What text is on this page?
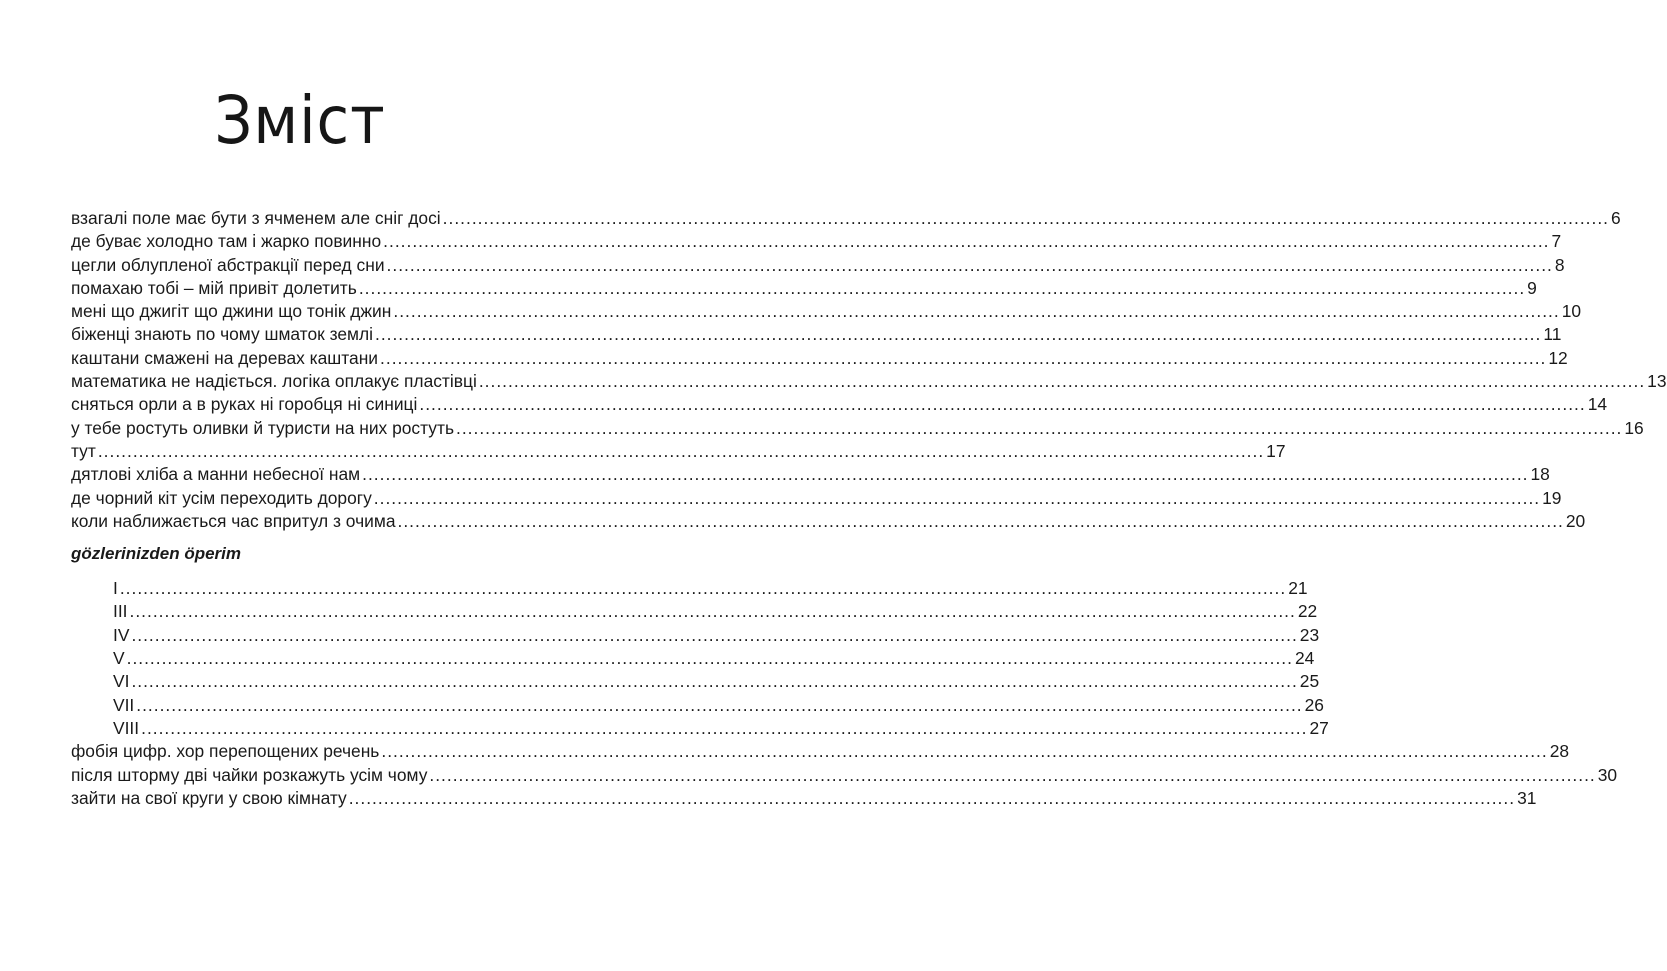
Зміст
взагалі поле має бути з ячменем але сніг досі ........................................................................................................................................................................................................ 6
де буває холодно там і жарко повинно ........................................................................................................................................................................................................ 7
цегли облупленої абстракції перед сни ........................................................................................................................................................................................................ 8
помахаю тобі – мій привіт долетить ........................................................................................................................................................................................................ 9
мені що джигіт що джини що тонік джин ........................................................................................................................................................................................................ 10
біженці знають по чому шматок землі ........................................................................................................................................................................................................ 11
каштани смажені на деревах каштани ........................................................................................................................................................................................................ 12
математика не надіється. логіка оплакує пластівці ........................................................................................................................................................................................................ 13
сняться орли а в руках ні горобця ні синиці ........................................................................................................................................................................................................ 14
у тебе ростуть оливки й туристи на них ростуть ........................................................................................................................................................................................................ 16
тут ........................................................................................................................................................................................................ 17
дятлові хліба а манни небесної нам ........................................................................................................................................................................................................ 18
де чорний кіт усім переходить дорогу ........................................................................................................................................................................................................ 19
коли наближається час впритул з очима ........................................................................................................................................................................................................ 20
gözlerinizden öperim
I ........................................................................................................................................................................................................ 21
III ........................................................................................................................................................................................................ 22
IV ........................................................................................................................................................................................................ 23
V ........................................................................................................................................................................................................ 24
VI ........................................................................................................................................................................................................ 25
VII ........................................................................................................................................................................................................ 26
VIII ........................................................................................................................................................................................................ 27
фобія цифр. хор перепощених речень ........................................................................................................................................................................................................ 28
після шторму дві чайки розкажуть усім чому ........................................................................................................................................................................................................ 30
зайти на свої круги у свою кімнату ........................................................................................................................................................................................................ 31
